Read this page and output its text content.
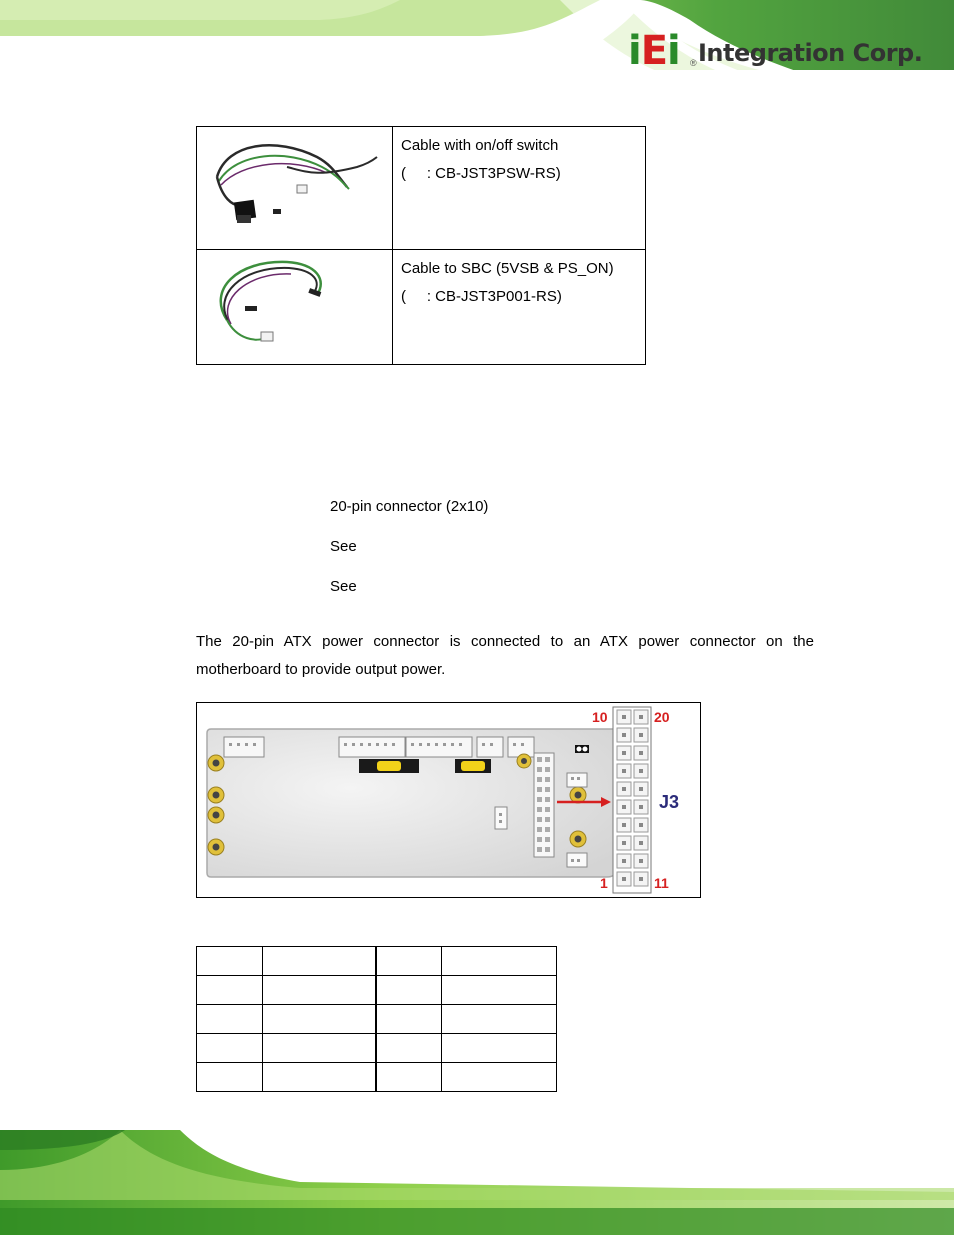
iEi ® Integration Corp.

Cable with on/off switch
( : CB-JST3PSW-RS)

Cable to SBC (5VSB & PS_ON)
( : CB-JST3P001-RS)
20-pin connector (2x10)
See
See
The 20-pin ATX power connector is connected to an ATX power connector on the
motherboard to provide output power.
10	20
1	11
J3
